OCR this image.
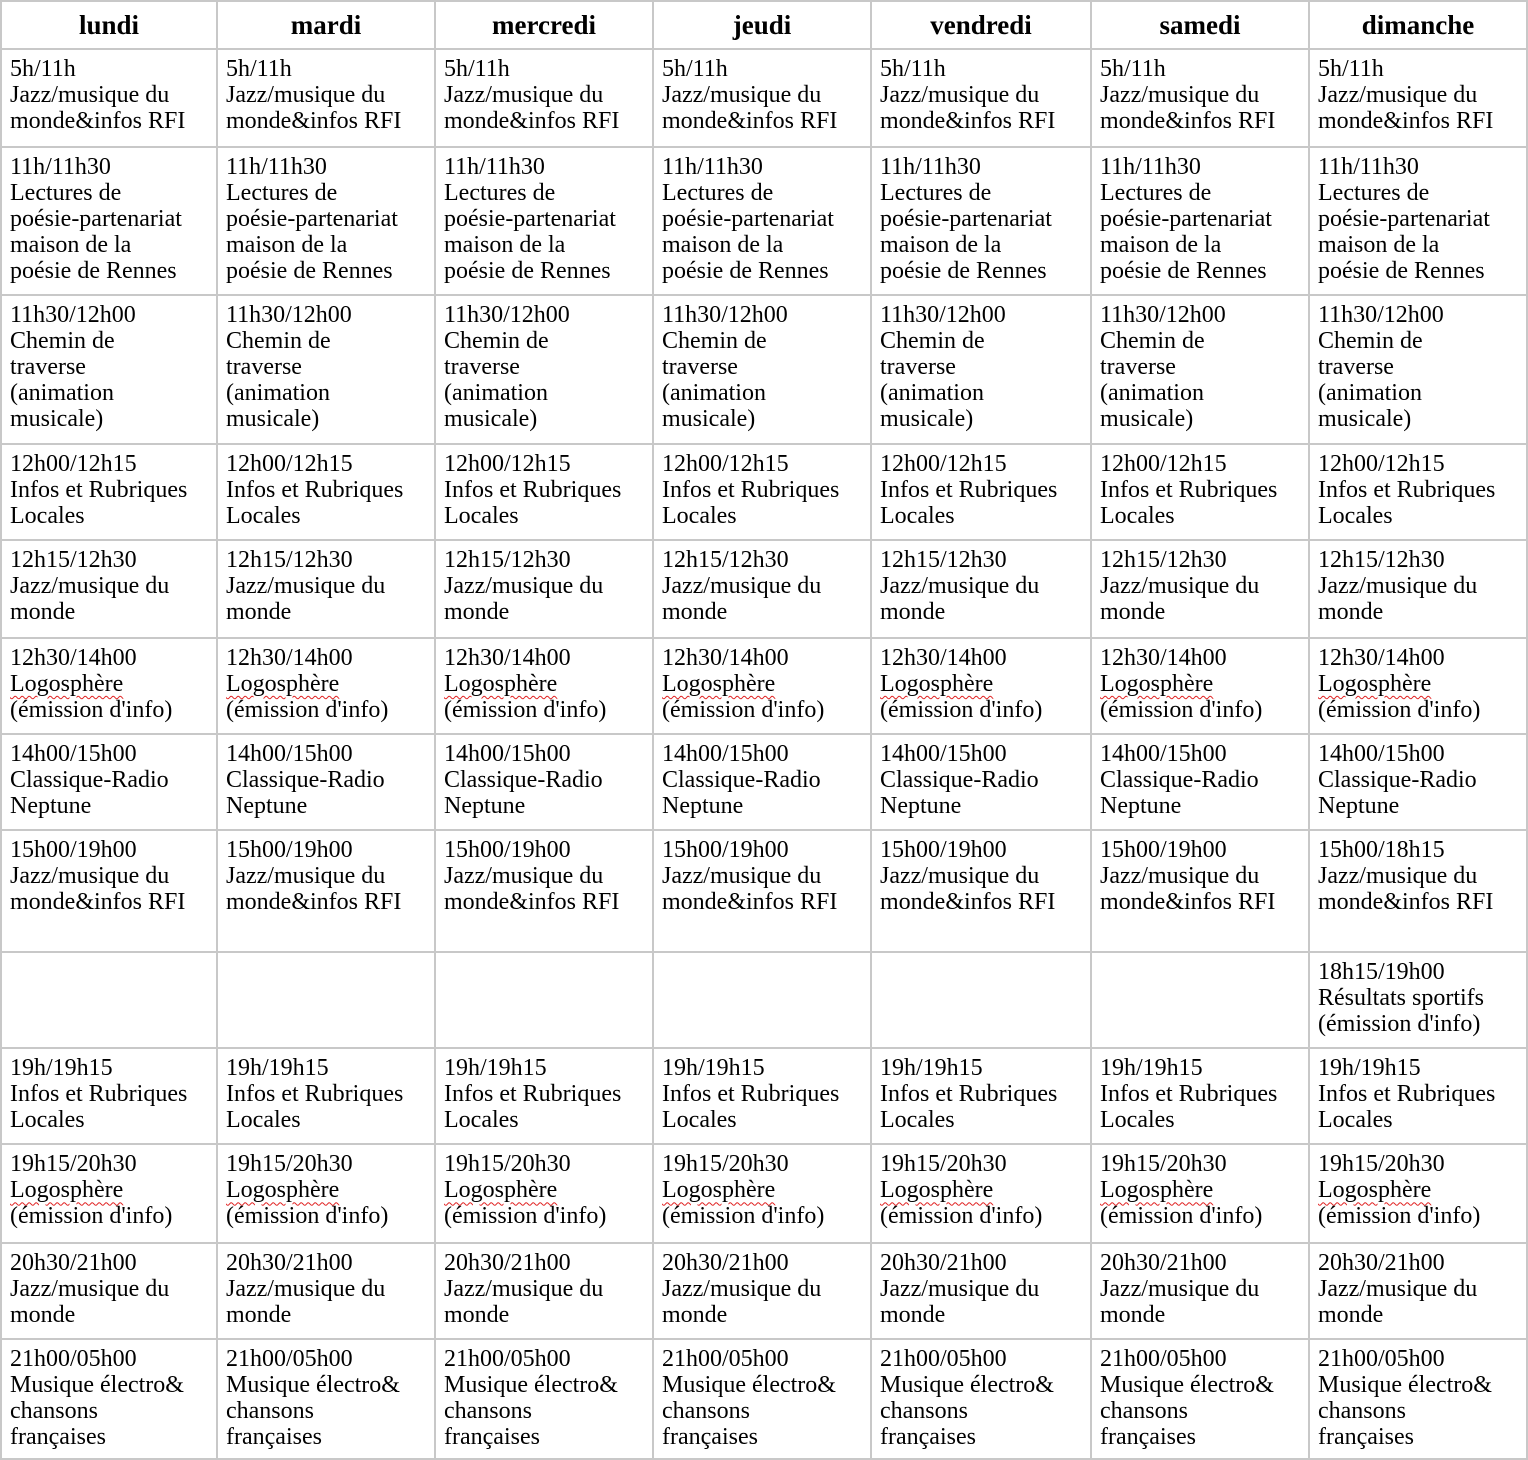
lundi	mardi	mercredi	jeudi	vendredi	samedi	dimanche

5h/11h
Jazz/musique du
monde&infos RFI	5h/11h
Jazz/musique du
monde&infos RFI	5h/11h
Jazz/musique du
monde&infos RFI	5h/11h
Jazz/musique du
monde&infos RFI	5h/11h
Jazz/musique du
monde&infos RFI	5h/11h
Jazz/musique du
monde&infos RFI	5h/11h
Jazz/musique du
monde&infos RFI

11h/11h30
Lectures de
poésie-partenariat
maison de la
poésie de Rennes	11h/11h30
Lectures de
poésie-partenariat
maison de la
poésie de Rennes	11h/11h30
Lectures de
poésie-partenariat
maison de la
poésie de Rennes	11h/11h30
Lectures de
poésie-partenariat
maison de la
poésie de Rennes	11h/11h30
Lectures de
poésie-partenariat
maison de la
poésie de Rennes	11h/11h30
Lectures de
poésie-partenariat
maison de la
poésie de Rennes	11h/11h30
Lectures de
poésie-partenariat
maison de la
poésie de Rennes

11h30/12h00
Chemin de
traverse
(animation
musicale)	11h30/12h00
Chemin de
traverse
(animation
musicale)	11h30/12h00
Chemin de
traverse
(animation
musicale)	11h30/12h00
Chemin de
traverse
(animation
musicale)	11h30/12h00
Chemin de
traverse
(animation
musicale)	11h30/12h00
Chemin de
traverse
(animation
musicale)	11h30/12h00
Chemin de
traverse
(animation
musicale)

12h00/12h15
Infos et Rubriques
Locales	12h00/12h15
Infos et Rubriques
Locales	12h00/12h15
Infos et Rubriques
Locales	12h00/12h15
Infos et Rubriques
Locales	12h00/12h15
Infos et Rubriques
Locales	12h00/12h15
Infos et Rubriques
Locales	12h00/12h15
Infos et Rubriques
Locales

12h15/12h30
Jazz/musique du
monde	12h15/12h30
Jazz/musique du
monde	12h15/12h30
Jazz/musique du
monde	12h15/12h30
Jazz/musique du
monde	12h15/12h30
Jazz/musique du
monde	12h15/12h30
Jazz/musique du
monde	12h15/12h30
Jazz/musique du
monde

12h30/14h00
Logosphère
(émission d'info)	12h30/14h00
Logosphère
(émission d'info)	12h30/14h00
Logosphère
(émission d'info)	12h30/14h00
Logosphère
(émission d'info)	12h30/14h00
Logosphère
(émission d'info)	12h30/14h00
Logosphère
(émission d'info)	12h30/14h00
Logosphère
(émission d'info)

14h00/15h00
Classique-Radio
Neptune	14h00/15h00
Classique-Radio
Neptune	14h00/15h00
Classique-Radio
Neptune	14h00/15h00
Classique-Radio
Neptune	14h00/15h00
Classique-Radio
Neptune	14h00/15h00
Classique-Radio
Neptune	14h00/15h00
Classique-Radio
Neptune

15h00/19h00
Jazz/musique du
monde&infos RFI	15h00/19h00
Jazz/musique du
monde&infos RFI	15h00/19h00
Jazz/musique du
monde&infos RFI	15h00/19h00
Jazz/musique du
monde&infos RFI	15h00/19h00
Jazz/musique du
monde&infos RFI	15h00/19h00
Jazz/musique du
monde&infos RFI	15h00/18h15
Jazz/musique du
monde&infos RFI

						18h15/19h00
Résultats sportifs
(émission d'info)

19h/19h15
Infos et Rubriques
Locales	19h/19h15
Infos et Rubriques
Locales	19h/19h15
Infos et Rubriques
Locales	19h/19h15
Infos et Rubriques
Locales	19h/19h15
Infos et Rubriques
Locales	19h/19h15
Infos et Rubriques
Locales	19h/19h15
Infos et Rubriques
Locales

19h15/20h30
Logosphère
(émission d'info)	19h15/20h30
Logosphère
(émission d'info)	19h15/20h30
Logosphère
(émission d'info)	19h15/20h30
Logosphère
(émission d'info)	19h15/20h30
Logosphère
(émission d'info)	19h15/20h30
Logosphère
(émission d'info)	19h15/20h30
Logosphère
(émission d'info)

20h30/21h00
Jazz/musique du
monde	20h30/21h00
Jazz/musique du
monde	20h30/21h00
Jazz/musique du
monde	20h30/21h00
Jazz/musique du
monde	20h30/21h00
Jazz/musique du
monde	20h30/21h00
Jazz/musique du
monde	20h30/21h00
Jazz/musique du
monde

21h00/05h00
Musique électro&
chansons
françaises	21h00/05h00
Musique électro&
chansons
françaises	21h00/05h00
Musique électro&
chansons
françaises	21h00/05h00
Musique électro&
chansons
françaises	21h00/05h00
Musique électro&
chansons
françaises	21h00/05h00
Musique électro&
chansons
françaises	21h00/05h00
Musique électro&
chansons
françaises
